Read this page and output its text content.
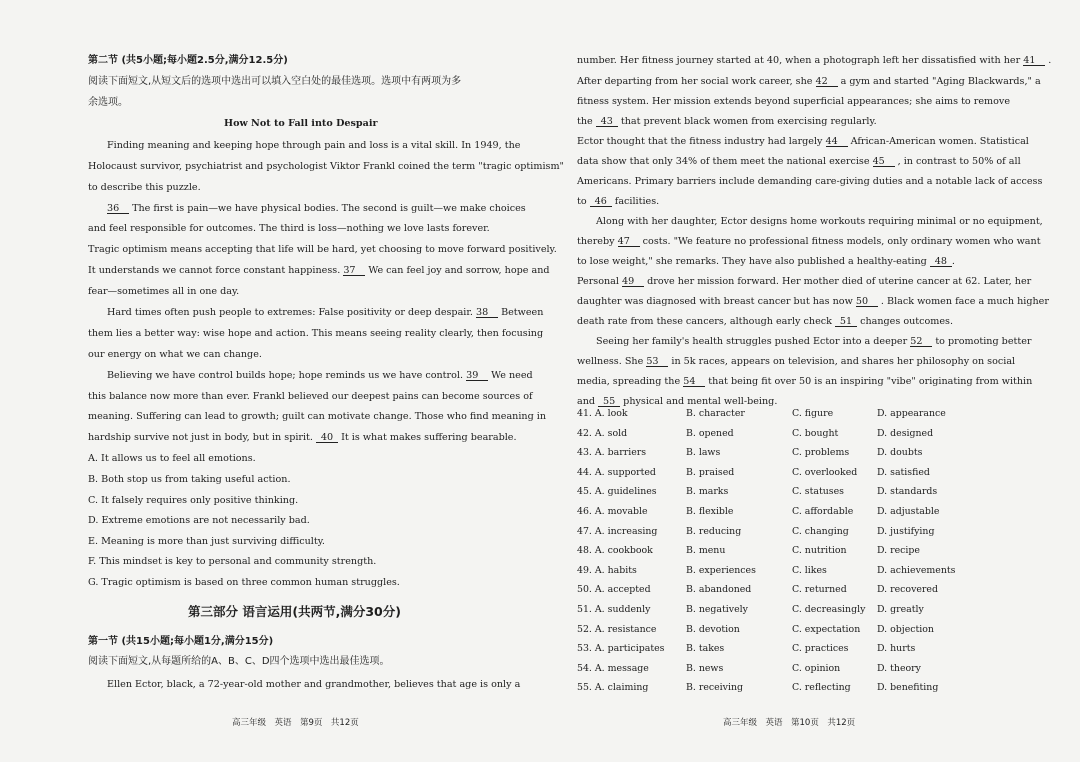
第二节 (共5小题;每小题2.5分,满分12.5分)
阅读下面短文,从短文后的选项中选出可以填入空白处的最佳选项。选项中有两项为多
余选项。
How Not to Fall into Despair
Finding meaning and keeping hope through pain and loss is a vital skill. In 1949, the
Holocaust survivor, psychiatrist and psychologist Viktor Frankl coined the term "tragic optimism"
to describe this puzzle.
36 The first is pain—we have physical bodies. The second is guilt—we make choices
and feel responsible for outcomes. The third is loss—nothing we love lasts forever.
Tragic optimism means accepting that life will be hard, yet choosing to move forward positively.
It understands we cannot force constant happiness. 37 We can feel joy and sorrow, hope and
fear—sometimes all in one day.
Hard times often push people to extremes: False positivity or deep despair. 38 Between
them lies a better way: wise hope and action. This means seeing reality clearly, then focusing
our energy on what we can change.
Believing we have control builds hope; hope reminds us we have control. 39 We need
this balance now more than ever. Frankl believed our deepest pains can become sources of
meaning. Suffering can lead to growth; guilt can motivate change. Those who find meaning in
hardship survive not just in body, but in spirit. 40 It is what makes suffering bearable.
A. It allows us to feel all emotions.
B. Both stop us from taking useful action.
C. It falsely requires only positive thinking.
D. Extreme emotions are not necessarily bad.
E. Meaning is more than just surviving difficulty.
F. This mindset is key to personal and community strength.
G. Tragic optimism is based on three common human struggles.
第三部分 语言运用(共两节,满分30分)
第一节 (共15小题;每小题1分,满分15分)
阅读下面短文,从每题所给的A、B、C、D四个选项中选出最佳选项。
Ellen Ector, black, a 72-year-old mother and grandmother, believes that age is only a
高三年级　英语　第9页　共12页
number. Her fitness journey started at 40, when a photograph left her dissatisfied with her 41 .
After departing from her social work career, she 42 a gym and started "Aging Blackwards," a
fitness system. Her mission extends beyond superficial appearances; she aims to remove
the 43 that prevent black women from exercising regularly.
Ector thought that the fitness industry had largely 44 African-American women. Statistical
data show that only 34% of them meet the national exercise 45 , in contrast to 50% of all
Americans. Primary barriers include demanding care-giving duties and a notable lack of access
to 46 facilities.
Along with her daughter, Ector designs home workouts requiring minimal or no equipment,
thereby 47 costs. "We feature no professional fitness models, only ordinary women who want
to lose weight," she remarks. They have also published a healthy-eating 48 .
Personal 49 drove her mission forward. Her mother died of uterine cancer at 62. Later, her
daughter was diagnosed with breast cancer but has now 50 . Black women face a much higher
death rate from these cancers, although early check 51 changes outcomes.
Seeing her family's health struggles pushed Ector into a deeper 52 to promoting better
wellness. She 53 in 5k races, appears on television, and shares her philosophy on social
media, spreading the 54 that being fit over 50 is an inspiring "vibe" originating from within
and 55 physical and mental well-being.
41. A. look	B. character	C. figure	D. appearance
42. A. sold	B. opened	C. bought	D. designed
43. A. barriers	B. laws	C. problems	D. doubts
44. A. supported	B. praised	C. overlooked D. satisfied
45. A. guidelines	B. marks	C. statuses	D. standards
46. A. movable	B. flexible	C. affordable	D. adjustable
47. A. increasing	B. reducing	C. changing	D. justifying
48. A. cookbook	B. menu	C. nutrition	D. recipe
49. A. habits	B. experiences	C. likes	D. achievements
50. A. accepted	B. abandoned	C. returned	D. recovered
51. A. suddenly	B. negatively	C. decreasingly D. greatly
52. A. resistance	B. devotion	C. expectation D. objection
53. A. participates B. takes	C. practices	D. hurts
54. A. message	B. news	C. opinion	D. theory
55. A. claiming	B. receiving	C. reflecting	D. benefiting
高三年级　英语　第10页　共12页
